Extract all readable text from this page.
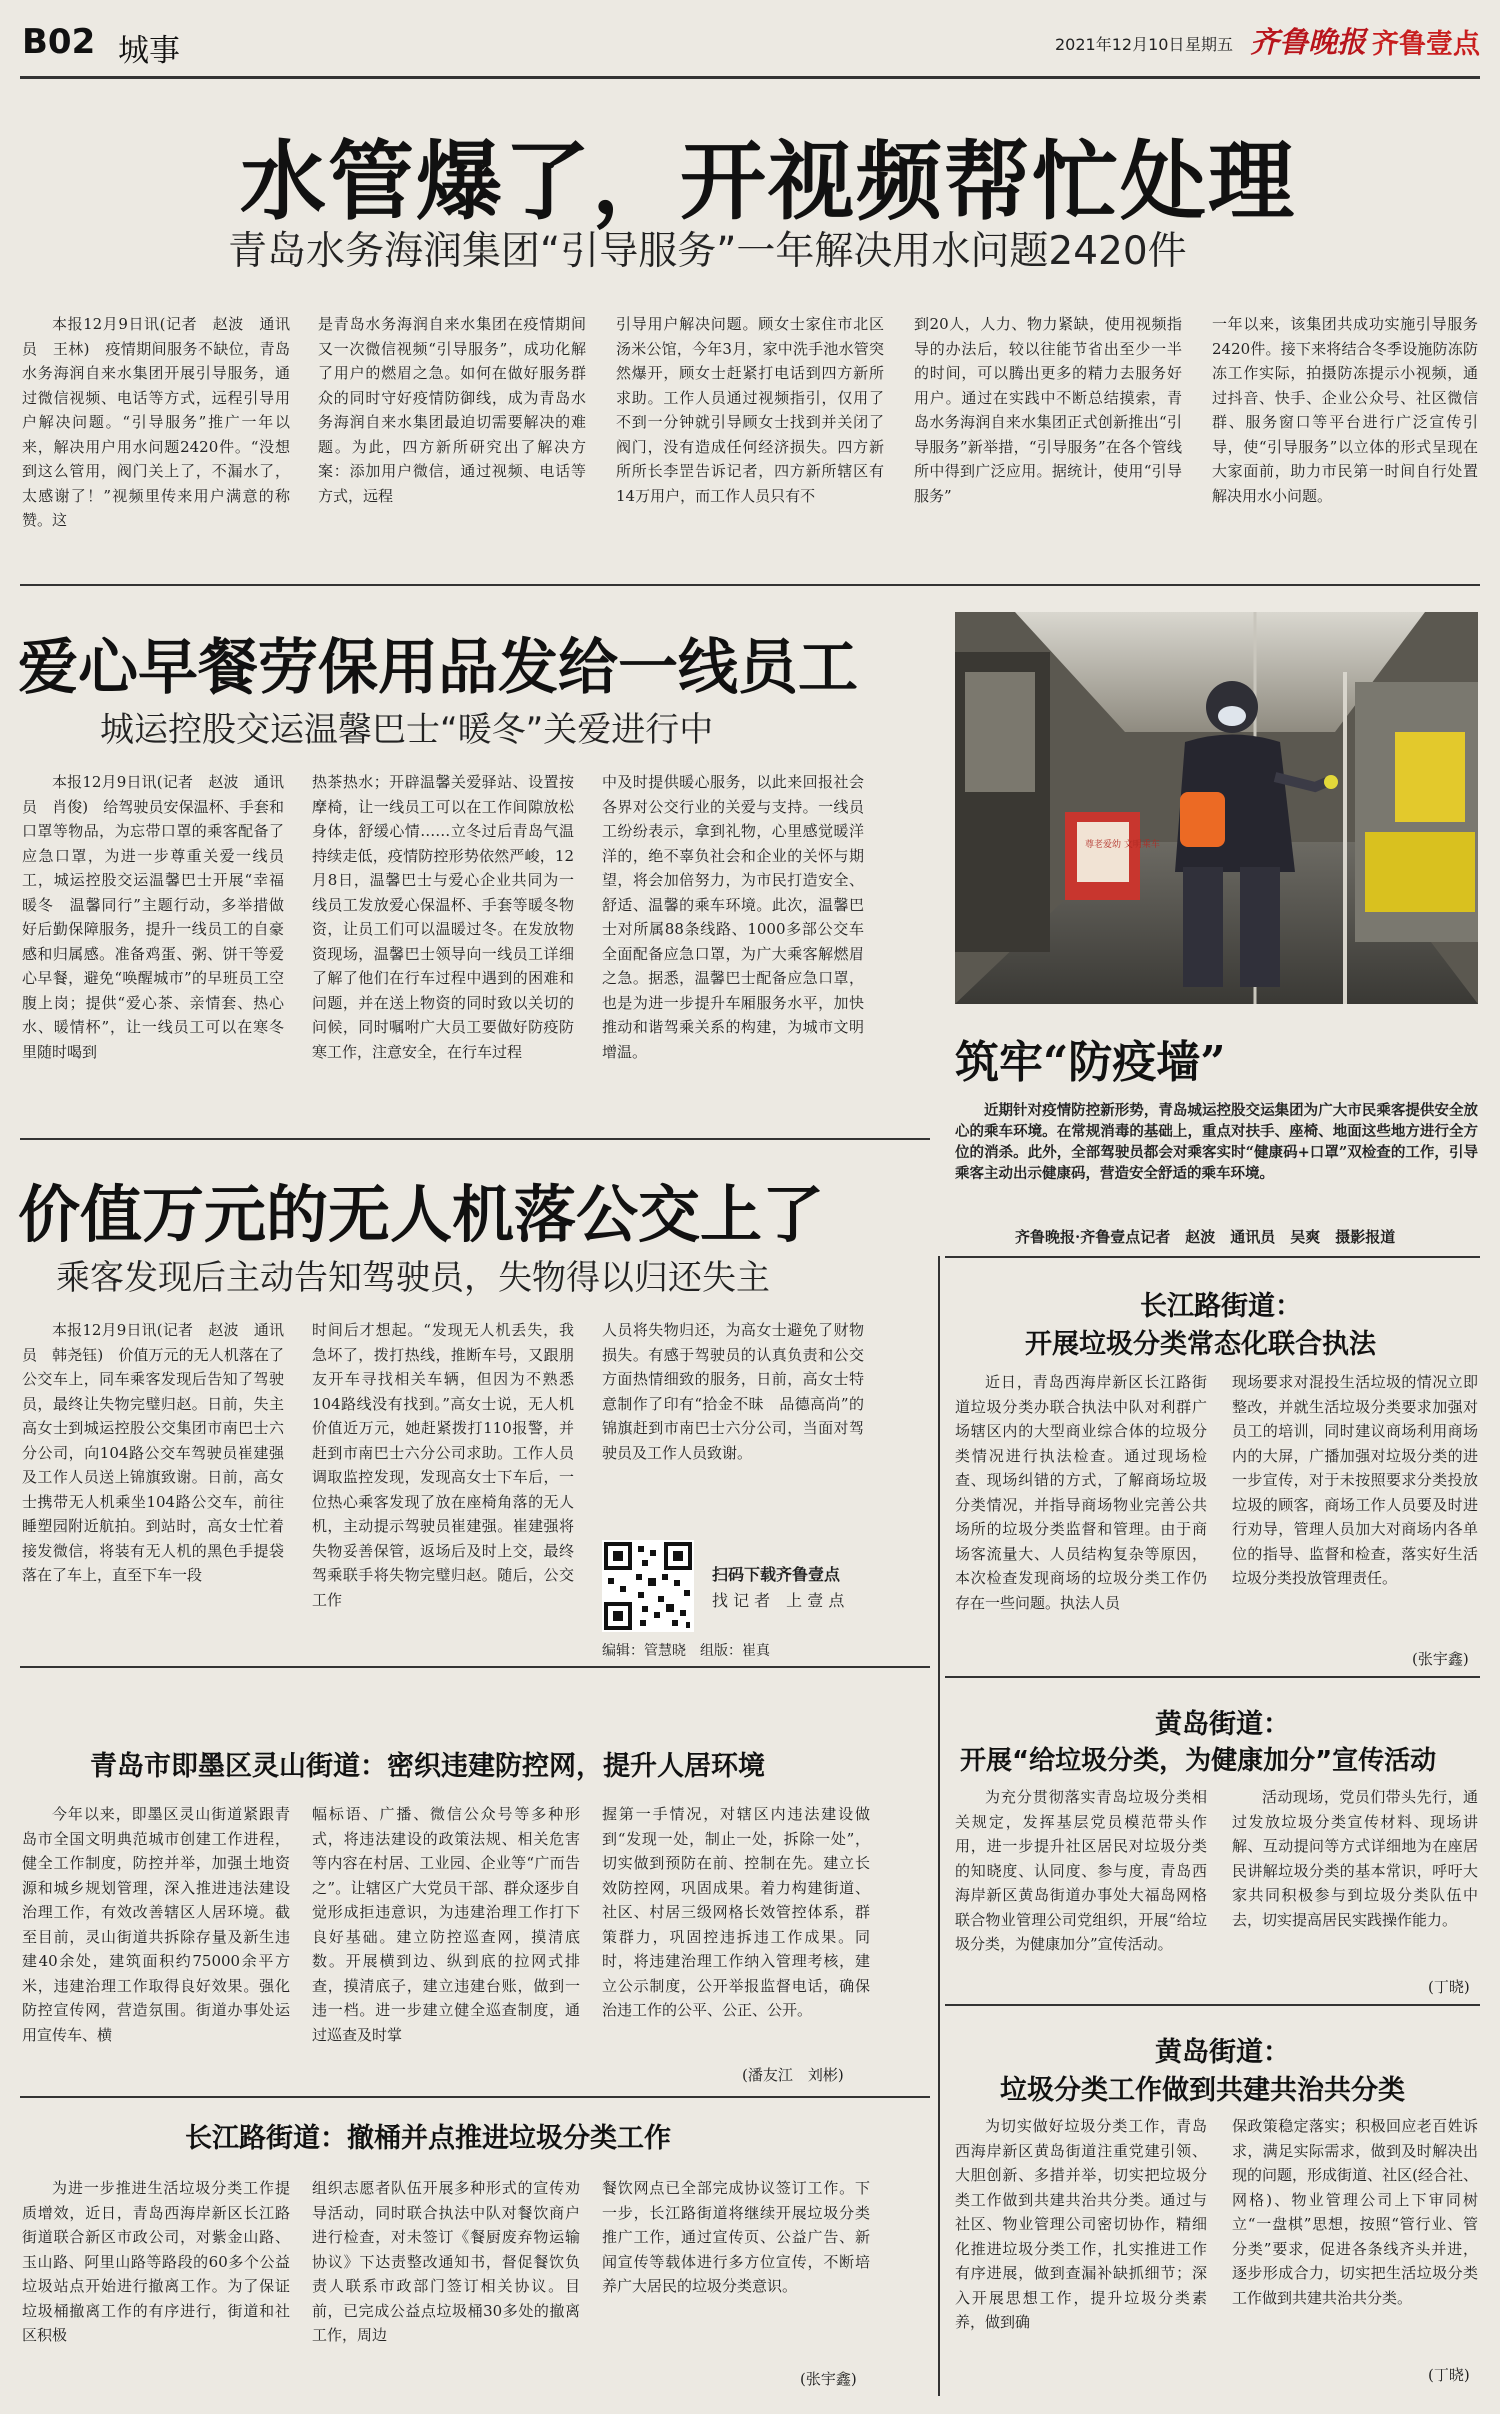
B02 城事	2021年12月10日 星期五 齐鲁晚报 齐鲁壹点
水管爆了，开视频帮忙处理
青岛水务海润集团“引导服务”一年解决用水问题2420件

本报12月9日讯(记者　赵波　通讯员　王林)　疫情期间服务不缺位，青岛水务海润自来水集团开展引导服务，通过微信视频、电话等方式，远程引导用户解决问题。“引导服务”推广一年以来，解决用户用水问题2420件。“没想到这么管用，阀门关上了，不漏水了，太感谢了！”视频里传来用户满意的称赞。这

是青岛水务海润自来水集团在疫情期间又一次微信视频“引导服务”，成功化解了用户的燃眉之急。如何在做好服务群众的同时守好疫情防御线，成为青岛水务海润自来水集团最迫切需要解决的难题。为此，四方新所研究出了解决方案：添加用户微信，通过视频、电话等方式，远程

引导用户解决问题。顾女士家住市北区汤米公馆，今年3月，家中洗手池水管突然爆开，顾女士赶紧打电话到四方新所求助。工作人员通过视频指引，仅用了不到一分钟就引导顾女士找到并关闭了阀门，没有造成任何经济损失。四方新所所长李罡告诉记者，四方新所辖区有14万用户，而工作人员只有不

到20人，人力、物力紧缺，使用视频指导的办法后，较以往能节省出至少一半的时间，可以腾出更多的精力去服务好用户。通过在实践中不断总结摸索，青岛水务海润自来水集团正式创新推出“引导服务”新举措，“引导服务”在各个管线所中得到广泛应用。据统计，使用“引导服务”

一年以来，该集团共成功实施引导服务2420件。接下来将结合冬季设施防冻防冻工作实际，拍摄防冻提示小视频，通过抖音、快手、企业公众号、社区微信群、服务窗口等平台进行广泛宣传引导，使“引导服务”以立体的形式呈现在大家面前，助力市民第一时间自行处置解决用水小问题。

爱心早餐劳保用品发给一线员工
城运控股交运温馨巴士“暖冬”关爱进行中

本报12月9日讯(记者　赵波　通讯员　肖俊)　给驾驶员安保温杯、手套和口罩等物品，为忘带口罩的乘客配备了应急口罩，为进一步尊重关爱一线员工，城运控股交运温馨巴士开展“幸福暖冬　温馨同行”主题行动，多举措做好后勤保障服务，提升一线员工的自豪感和归属感。准备鸡蛋、粥、饼干等爱心早餐，避免“唤醒城市”的早班员工空腹上岗；提供“爱心茶、亲情套、热心水、暖情杯”，让一线员工可以在寒冬里随时喝到

热茶热水；开辟温馨关爱驿站、设置按摩椅，让一线员工可以在工作间隙放松身体，舒缓心情……立冬过后青岛气温持续走低，疫情防控形势依然严峻，12月8日，温馨巴士与爱心企业共同为一线员工发放爱心保温杯、手套等暖冬物资，让员工们可以温暖过冬。在发放物资现场，温馨巴士领导向一线员工详细了解了他们在行车过程中遇到的困难和问题，并在送上物资的同时致以关切的问候，同时嘱咐广大员工要做好防疫防寒工作，注意安全，在行车过程

中及时提供暖心服务，以此来回报社会各界对公交行业的关爱与支持。一线员工纷纷表示，拿到礼物，心里感觉暖洋洋的，绝不辜负社会和企业的关怀与期望，将会加倍努力，为市民打造安全、舒适、温馨的乘车环境。此次，温馨巴士对所属88条线路、1000多部公交车全面配备应急口罩，为广大乘客解燃眉之急。据悉，温馨巴士配备应急口罩，也是为进一步提升车厢服务水平，加快推动和谐驾乘关系的构建，为城市文明增温。

尊老爱幼 文明乘车
筑牢“防疫墙”

近期针对疫情防控新形势，青岛城运控股交运集团为广大市民乘客提供安全放心的乘车环境。在常规消毒的基础上，重点对扶手、座椅、地面这些地方进行全方位的消杀。此外，全部驾驶员都会对乘客实时“健康码+口罩”双检查的工作，引导乘客主动出示健康码，营造安全舒适的乘车环境。

齐鲁晚报·齐鲁壹点记者　赵波　通讯员　吴爽　摄影报道
价值万元的无人机落公交上了
乘客发现后主动告知驾驶员，失物得以归还失主

本报12月9日讯(记者　赵波　通讯员　韩尧钰)　价值万元的无人机落在了公交车上，同车乘客发现后告知了驾驶员，最终让失物完璧归赵。日前，失主高女士到城运控股公交集团市南巴士六分公司，向104路公交车驾驶员崔建强及工作人员送上锦旗致谢。日前，高女士携带无人机乘坐104路公交车，前往睡塑园附近航拍。到站时，高女士忙着接发微信，将装有无人机的黑色手提袋落在了车上，直至下车一段

时间后才想起。“发现无人机丢失，我急坏了，拨打热线，推断车号，又跟朋友开车寻找相关车辆，但因为不熟悉104路线没有找到。”高女士说，无人机价值近万元，她赶紧拨打110报警，并赶到市南巴士六分公司求助。工作人员调取监控发现，发现高女士下车后，一位热心乘客发现了放在座椅角落的无人机，主动提示驾驶员崔建强。崔建强将失物妥善保管，返场后及时上交，最终驾乘联手将失物完璧归赵。随后，公交工作

人员将失物归还，为高女士避免了财物损失。有感于驾驶员的认真负责和公交方面热情细致的服务，日前，高女士特意制作了印有“拾金不昧　品德高尚”的锦旗赶到市南巴士六分公司，当面对驾驶员及工作人员致谢。

扫码下载齐鲁壹点
找 记 者　上 壹 点
编辑：管慧晓　组版：崔真
长江路街道：
开展垃圾分类常态化联合执法

近日，青岛西海岸新区长江路街道垃圾分类办联合执法中队对利群广场辖区内的大型商业综合体的垃圾分类情况进行执法检查。通过现场检查、现场纠错的方式，了解商场垃圾分类情况，并指导商场物业完善公共场所的垃圾分类监督和管理。由于商场客流量大、人员结构复杂等原因，本次检查发现商场的垃圾分类工作仍存在一些问题。执法人员

现场要求对混投生活垃圾的情况立即整改，并就生活垃圾分类要求加强对员工的培训，同时建议商场利用商场内的大屏，广播加强对垃圾分类的进一步宣传，对于未按照要求分类投放垃圾的顾客，商场工作人员要及时进行劝导，管理人员加大对商场内各单位的指导、监督和检查，落实好生活垃圾分类投放管理责任。

(张宇鑫)
黄岛街道：
开展“给垃圾分类，为健康加分”宣传活动

为充分贯彻落实青岛垃圾分类相关规定，发挥基层党员模范带头作用，进一步提升社区居民对垃圾分类的知晓度、认同度、参与度，青岛西海岸新区黄岛街道办事处大福岛网格联合物业管理公司党组织，开展“给垃圾分类，为健康加分”宣传活动。

活动现场，党员们带头先行，通过发放垃圾分类宣传材料、现场讲解、互动提问等方式详细地为在座居民讲解垃圾分类的基本常识，呼吁大家共同积极参与到垃圾分类队伍中去，切实提高居民实践操作能力。

(丁晓)
黄岛街道：
垃圾分类工作做到共建共治共分类

为切实做好垃圾分类工作，青岛西海岸新区黄岛街道注重党建引领、大胆创新、多措并举，切实把垃圾分类工作做到共建共治共分类。通过与社区、物业管理公司密切协作，精细化推进垃圾分类工作，扎实推进工作有序进展，做到查漏补缺抓细节；深入开展思想工作，提升垃圾分类素养，做到确

保政策稳定落实；积极回应老百姓诉求，满足实际需求，做到及时解决出现的问题，形成街道、社区(经合社、网格)、物业管理公司上下审同树立“一盘棋”思想，按照“管行业、管分类”要求，促进各条线齐头并进，逐步形成合力，切实把生活垃圾分类工作做到共建共治共分类。

(丁晓)
青岛市即墨区灵山街道：密织违建防控网，提升人居环境

今年以来，即墨区灵山街道紧跟青岛市全国文明典范城市创建工作进程，健全工作制度，防控并举，加强土地资源和城乡规划管理，深入推进违法建设治理工作，有效改善辖区人居环境。截至目前，灵山街道共拆除存量及新生违建40余处，建筑面积约75000余平方米，违建治理工作取得良好效果。强化防控宣传网，营造氛围。街道办事处运用宣传车、横

幅标语、广播、微信公众号等多种形式，将违法建设的政策法规、相关危害等内容在村居、工业园、企业等“广而告之”。让辖区广大党员干部、群众逐步自觉形成拒违意识，为违建治理工作打下良好基础。建立防控巡查网，摸清底数。开展横到边、纵到底的拉网式排查，摸清底子，建立违建台账，做到一违一档。进一步建立健全巡查制度，通过巡查及时掌

握第一手情况，对辖区内违法建设做到“发现一处，制止一处，拆除一处”，切实做到预防在前、控制在先。建立长效防控网，巩固成果。着力构建街道、社区、村居三级网格长效管控体系，群策群力，巩固控违拆违工作成果。同时，将违建治理工作纳入管理考核，建立公示制度，公开举报监督电话，确保治违工作的公平、公正、公开。

(潘友江　刘彬)
长江路街道：撤桶并点推进垃圾分类工作

为进一步推进生活垃圾分类工作提质增效，近日，青岛西海岸新区长江路街道联合新区市政公司，对紫金山路、玉山路、阿里山路等路段的60多个公益垃圾站点开始进行撤离工作。为了保证垃圾桶撤离工作的有序进行，街道和社区积极

组织志愿者队伍开展多种形式的宣传劝导活动，同时联合执法中队对餐饮商户进行检查，对未签订《餐厨废弃物运输协议》下达责整改通知书，督促餐饮负责人联系市政部门签订相关协议。目前，已完成公益点垃圾桶30多处的撤离工作，周边

餐饮网点已全部完成协议签订工作。下一步，长江路街道将继续开展垃圾分类推广工作，通过宣传页、公益广告、新闻宣传等载体进行多方位宣传，不断培养广大居民的垃圾分类意识。

(张宇鑫)
